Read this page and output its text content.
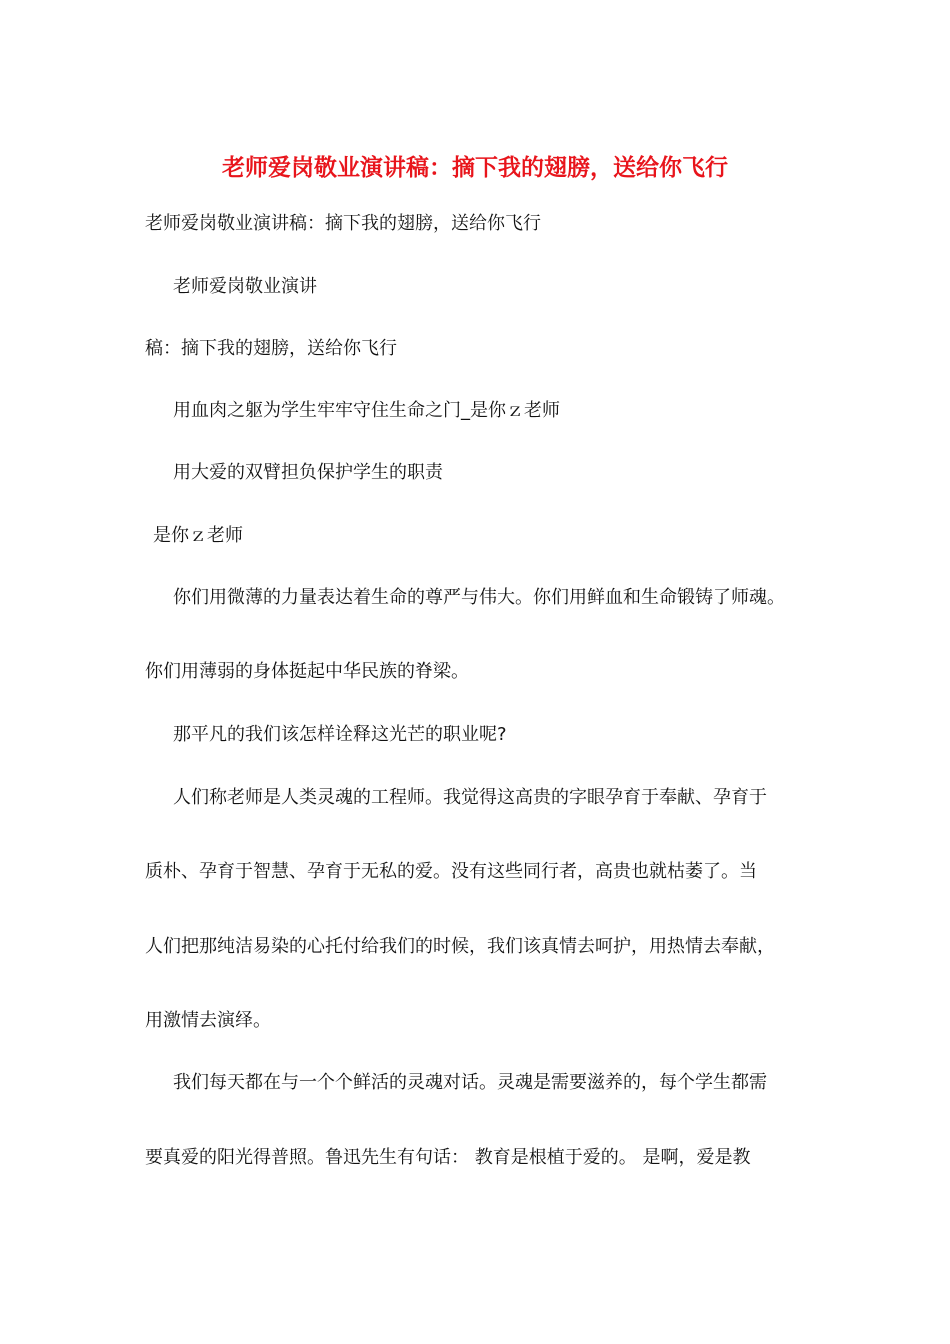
老师爱岗敬业演讲稿：摘下我的翅膀，送给你飞行
老师爱岗敬业演讲稿：摘下我的翅膀，送给你飞行
老师爱岗敬业演讲
稿：摘下我的翅膀，送给你飞行
用血肉之躯为学生牢牢守住生命之门_是你ｚ老师
用大爱的双臂担负保护学生的职责
是你ｚ老师
你们用微薄的力量表达着生命的尊严与伟大。你们用鲜血和生命锻铸了师魂。
你们用薄弱的身体挺起中华民族的脊梁。
那平凡的我们该怎样诠释这光芒的职业呢?
人们称老师是人类灵魂的工程师。我觉得这高贵的字眼孕育于奉献、孕育于
质朴、孕育于智慧、孕育于无私的爱。没有这些同行者，高贵也就枯萎了。当
人们把那纯洁易染的心托付给我们的时候，我们该真情去呵护，用热情去奉献，
用激情去演绎。
我们每天都在与一个个鲜活的灵魂对话。灵魂是需要滋养的，每个学生都需
要真爱的阳光得普照。鲁迅先生有句话： 教育是根植于爱的。 是啊，爱是教
